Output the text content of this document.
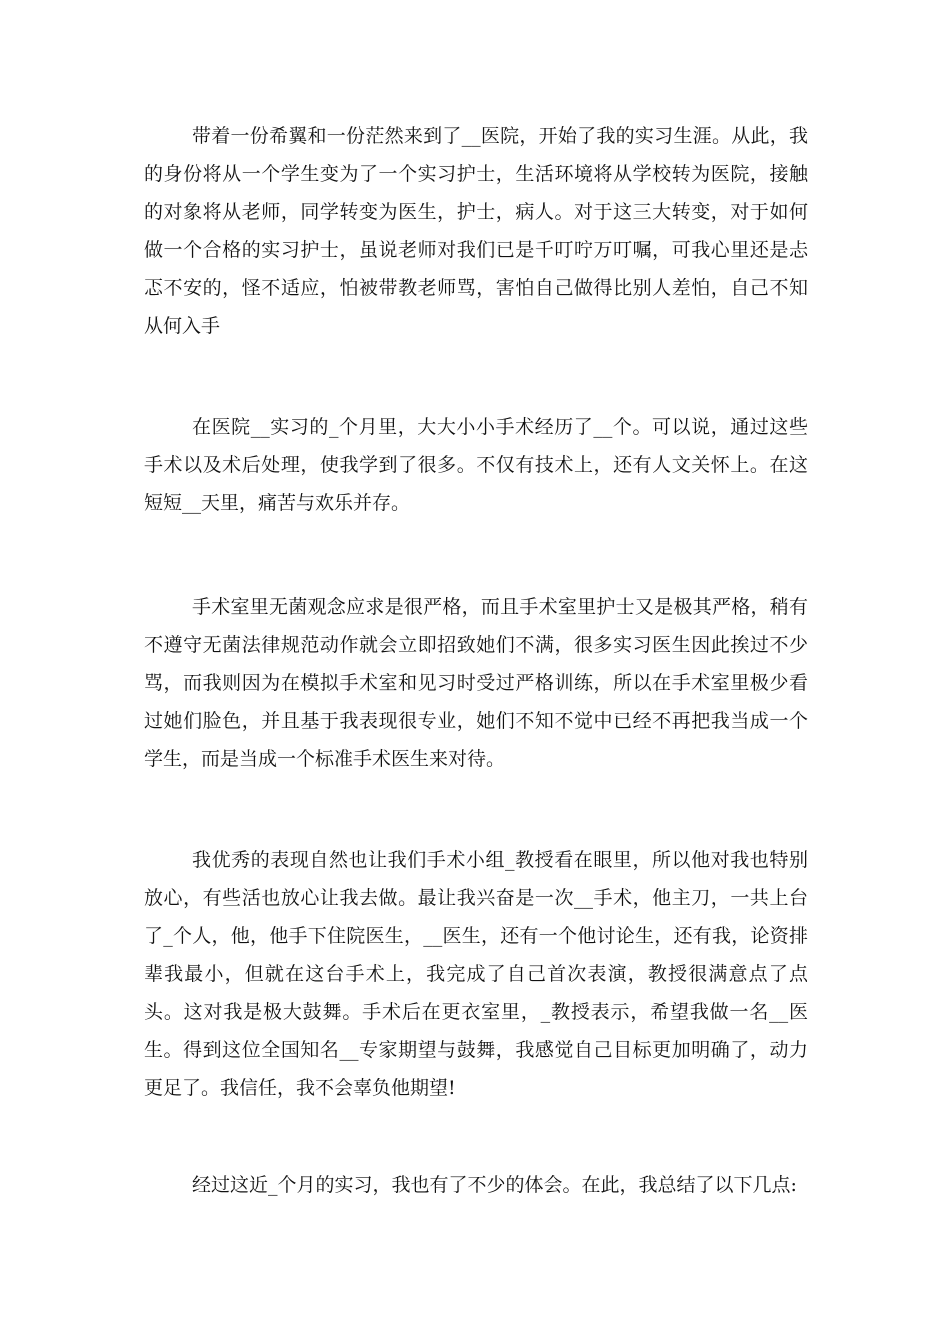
带着一份希翼和一份茫然来到了__医院，开始了我的实习生涯。从此，我的身份将从一个学生变为了一个实习护士，生活环境将从学校转为医院，接触的对象将从老师，同学转变为医生，护士，病人。对于这三大转变，对于如何做一个合格的实习护士，虽说老师对我们已是千叮咛万叮嘱，可我心里还是忐忑不安的，怪不适应，怕被带教老师骂，害怕自己做得比别人差怕，自己不知从何入手

在医院__实习的_个月里，大大小小手术经历了__个。可以说，通过这些手术以及术后处理，使我学到了很多。不仅有技术上，还有人文关怀上。在这短短__天里，痛苦与欢乐并存。

手术室里无菌观念应求是很严格，而且手术室里护士又是极其严格，稍有不遵守无菌法律规范动作就会立即招致她们不满，很多实习医生因此挨过不少骂，而我则因为在模拟手术室和见习时受过严格训练，所以在手术室里极少看过她们脸色，并且基于我表现很专业，她们不知不觉中已经不再把我当成一个学生，而是当成一个标准手术医生来对待。

我优秀的表现自然也让我们手术小组_教授看在眼里，所以他对我也特别放心，有些活也放心让我去做。最让我兴奋是一次__手术，他主刀，一共上台了_个人，他，他手下住院医生，__医生，还有一个他讨论生，还有我，论资排辈我最小，但就在这台手术上，我完成了自己首次表演，教授很满意点了点头。这对我是极大鼓舞。手术后在更衣室里，_教授表示，希望我做一名__医生。得到这位全国知名__专家期望与鼓舞，我感觉自己目标更加明确了，动力更足了。我信任，我不会辜负他期望!

经过这近_个月的实习，我也有了不少的体会。在此，我总结了以下几点:
